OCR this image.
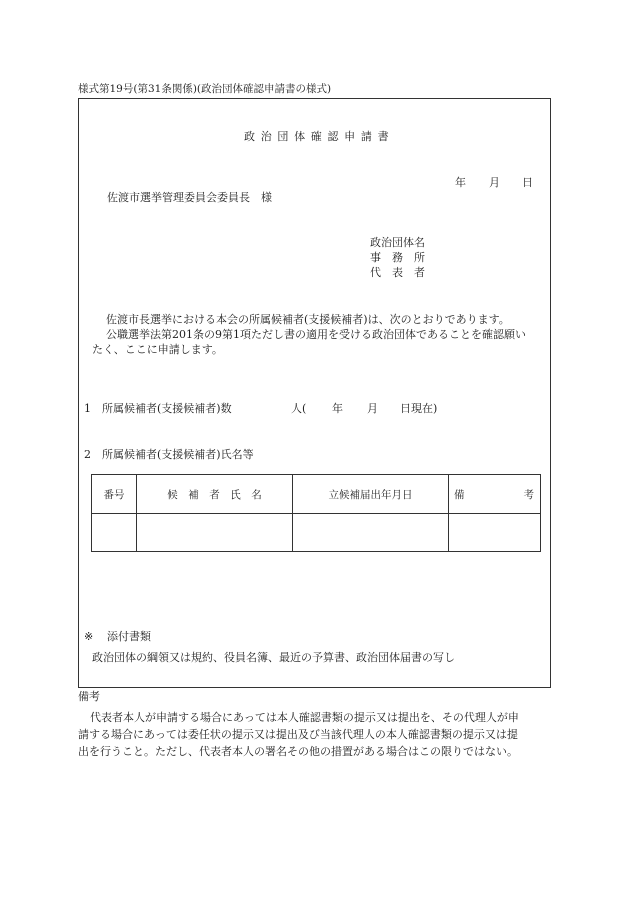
様式第19号(第31条関係)(政治団体確認申請書の様式)
政 治 団 体 確 認 申 請 書
年 月 日
佐渡市選挙管理委員会委員長　様
政治団体名
事　務　所
代　表　者
佐渡市長選挙における本会の所属候補者(支援候補者)は、次のとおりであります。
公職選挙法第201条の9第1項ただし書の適用を受ける政治団体であることを確認願い
たく、ここに申請します。
1　所属候補者(支援候補者)数	人( 年 月 日現在)
2　所属候補者(支援候補者)氏名等
番号	候　補　者　氏　名	立候補届出年月日	備 考

※ 添付書類
政治団体の綱領又は規約、役員名簿、最近の予算書、政治団体届書の写し
備考
代表者本人が申請する場合にあっては本人確認書類の提示又は提出を、その代理人が申
請する場合にあっては委任状の提示又は提出及び当該代理人の本人確認書類の提示又は提
出を行うこと。ただし、代表者本人の署名その他の措置がある場合はこの限りではない。
